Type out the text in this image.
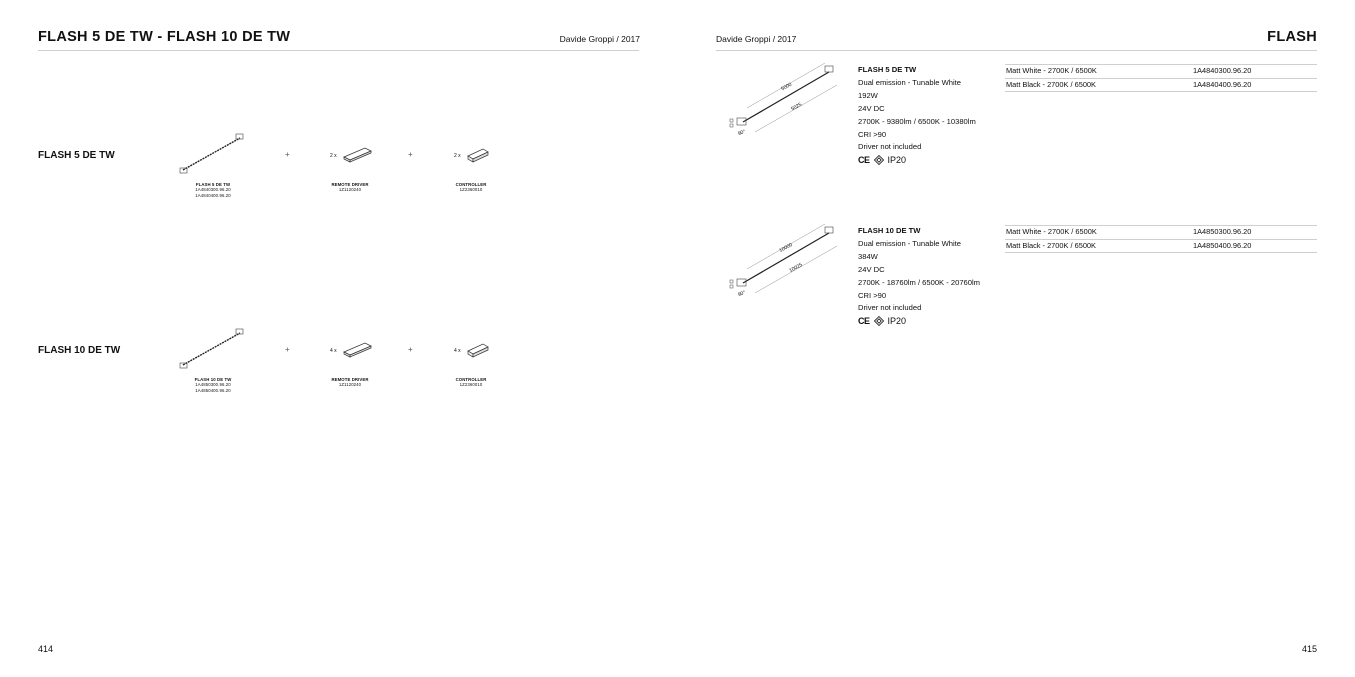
FLASH 5 DE TW - FLASH 10 DE TW	Davide Groppi / 2017
FLASH 5 DE TW
FLASH 5 DE TW
1A4840300.96.20
1A4840400.96.20
+	2 x
REMOTE DRIVER
1Z1120240
+	2 x
CONTROLLER
1Z2360010
FLASH 10 DE TW
FLASH 10 DE TW
1A4850300.96.20
1A4850400.96.20
+	4 x
REMOTE DRIVER
1Z1120240
+	4 x
CONTROLLER
1Z2360010
414
Davide Groppi / 2017	FLASH
5000
5025
90°
FLASH 5 DE TW
Dual emission - Tunable White
192W
24V DC
2700K - 9380lm / 6500K - 10380lm
CRI >90
Driver not included
CE IP20
Matt White - 2700K / 6500K	1A4840300.96.20
Matt Black - 2700K / 6500K	1A4840400.96.20
10000
10025
90°
FLASH 10 DE TW
Dual emission - Tunable White
384W
24V DC
2700K - 18760lm / 6500K - 20760lm
CRI >90
Driver not included
CE IP20
Matt White - 2700K / 6500K	1A4850300.96.20
Matt Black - 2700K / 6500K	1A4850400.96.20
415
